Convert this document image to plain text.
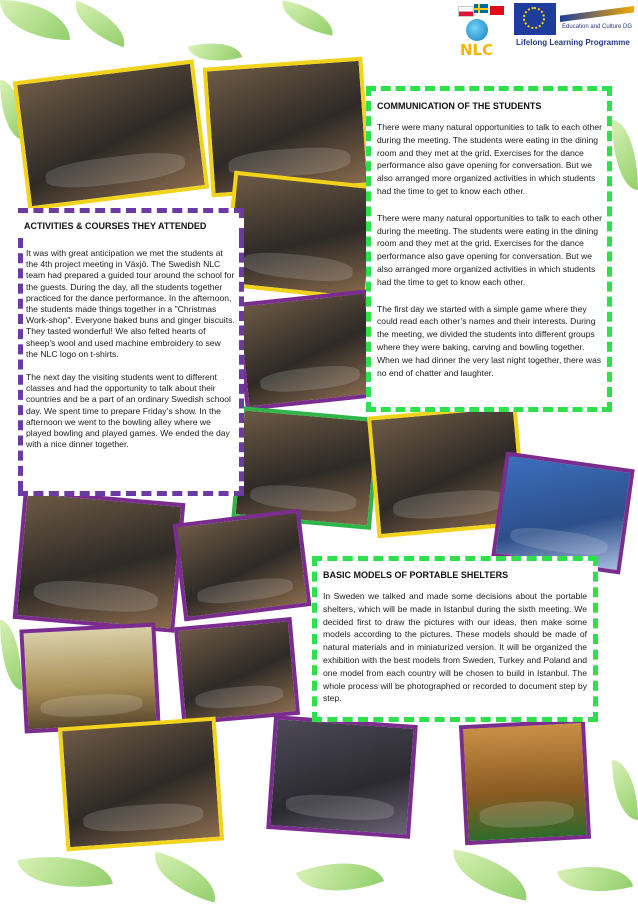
NLC
Education and Culture DG
Lifelong Learning Programme
COMMUNICATION OF THE STUDENTS

There were many natural opportunities to talk to each other during the meeting. The students were eating in the dining room and they met at the grid. Exercises for the dance performance also gave opening for conversation. But we also arranged more organized activities in which students had the time to get to know each other.

There were many natural opportunities to talk to each other during the meeting. The students were eating in the dining room and they met at the grid. Exercises for the dance performance also gave opening for conversation. But we also arranged more organized activities in which students had the time to get to know each other.

The first day we started with a simple game where they could read each other’s names and their interests. During the meeting, we divided the students into different groups where they were baking, carving and bowling together. When we had dinner the very last night together, there was no end of chatter and laughter.

ACTIVITIES & COURSES THEY ATTENDED

It was with great anticipation we met the students at the 4th project meeting in Växjö. The Swedish NLC team had prepared a guided tour around the school for the guests. During the day, all the students together practiced for the dance performance. In the afternoon, the students made things together in a "Christmas Work-shop". Everyone baked buns and ginger biscuits. They tasted wonderful! We also felted hearts of sheep’s wool and used machine embroidery to sew the NLC logo on t-shirts.

The next day the visiting students went to different classes and had the opportunity to talk about their countries and be a part of an ordinary Swedish school day. We spent time to prepare Friday’s show. In the afternoon we went to the bowling alley where we played bowling and played games. We ended the day with a nice dinner together.

BASIC MODELS OF PORTABLE SHELTERS

In Sweden we talked and made some decisions about the portable shelters, which will be made in Istanbul during the sixth meeting. We decided first to draw the pictures with our ideas, then make some models according to the pictures. These models should be made of natural materials and in miniaturized version. It will be organized the exhibition with the best models from Sweden, Turkey and Poland and one model from each country will be chosen to build in Istanbul. The whole process will be photographed or recorded to document step by step.
